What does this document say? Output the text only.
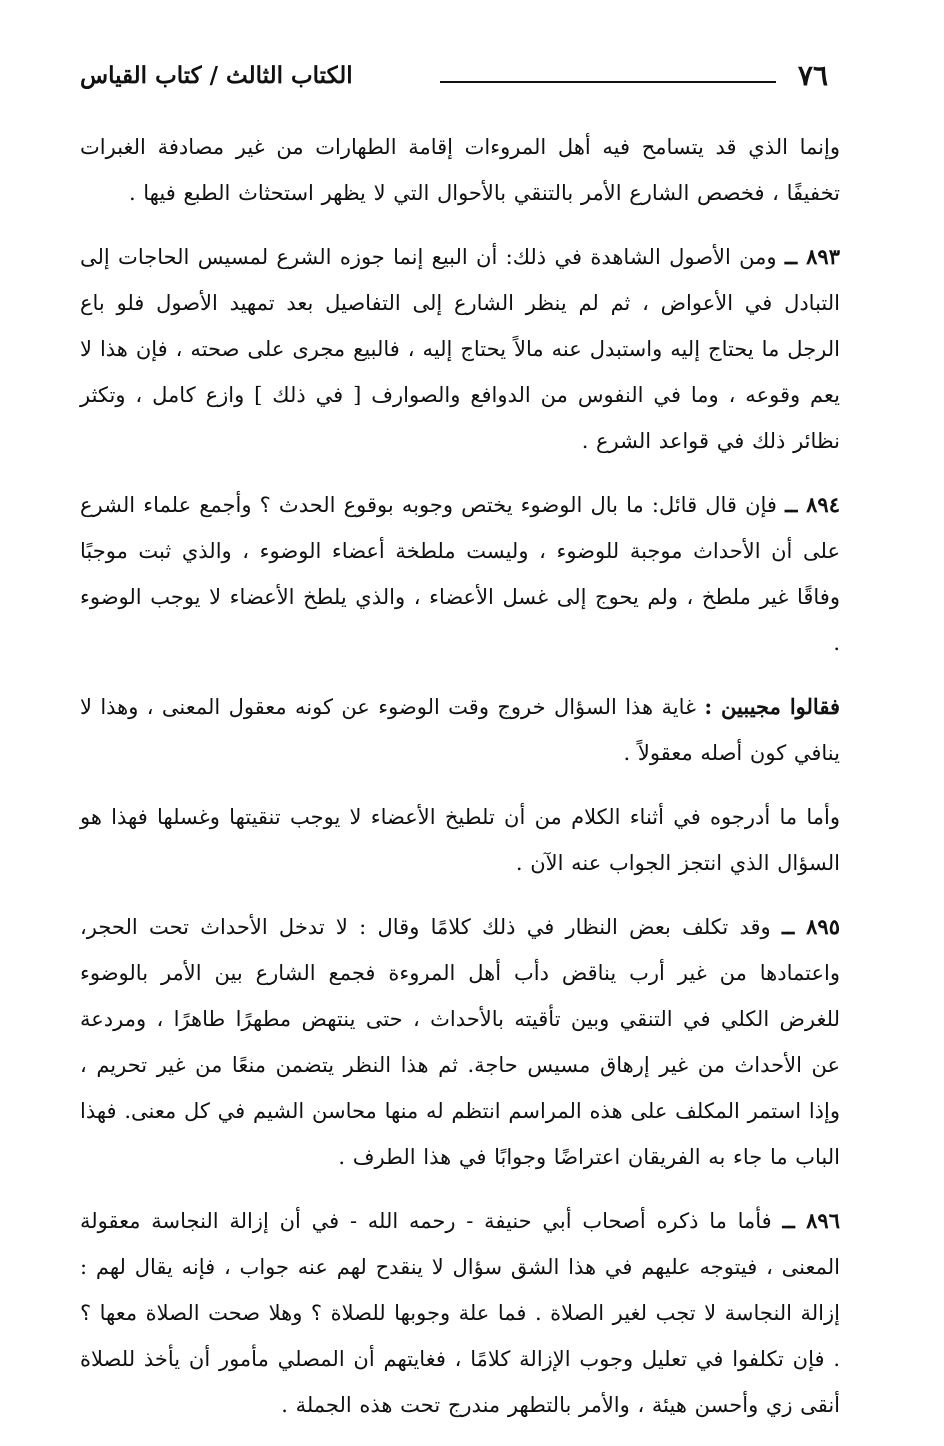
٧٦
الكتاب الثالث / كتاب القياس

وإنما الذي قد يتسامح فيه أهل المروءات إقامة الطهارات من غير مصادفة الغبرات تخفيفًا ، فخصص الشارع الأمر بالتنقي بالأحوال التي لا يظهر استحثاث الطبع فيها .

٨٩٣ ــ ومن الأصول الشاهدة في ذلك: أن البيع إنما جوزه الشرع لمسيس الحاجات إلى التبادل في الأعواض ، ثم لم ينظر الشارع إلى التفاصيل بعد تمهيد الأصول فلو باع الرجل ما يحتاج إليه واستبدل عنه مالاً يحتاج إليه ، فالبيع مجرى على صحته ، فإن هذا لا يعم وقوعه ، وما في النفوس من الدوافع والصوارف [ في ذلك ] وازع كامل ، وتكثر نظائر ذلك في قواعد الشرع .

٨٩٤ ــ فإن قال قائل: ما بال الوضوء يختص وجوبه بوقوع الحدث ؟ وأجمع علماء الشرع على أن الأحداث موجبة للوضوء ، وليست ملطخة أعضاء الوضوء ، والذي ثبت موجبًا وفاقًا غير ملطخ ، ولم يحوج إلى غسل الأعضاء ، والذي يلطخ الأعضاء لا يوجب الوضوء .

فقالوا مجيبين : غاية هذا السؤال خروج وقت الوضوء عن كونه معقول المعنى ، وهذا لا ينافي كون أصله معقولاً .

وأما ما أدرجوه في أثناء الكلام من أن تلطيخ الأعضاء لا يوجب تنقيتها وغسلها فهذا هو السؤال الذي انتجز الجواب عنه الآن .

٨٩٥ ــ وقد تكلف بعض النظار في ذلك كلامًا وقال : لا تدخل الأحداث تحت الحجر، واعتمادها من غير أرب يناقض دأب أهل المروءة فجمع الشارع بين الأمر بالوضوء للغرض الكلي في التنقي وبين تأقيته بالأحداث ، حتى ينتهض مطهرًا طاهرًا ، ومردعة عن الأحداث من غير إرهاق مسيس حاجة. ثم هذا النظر يتضمن منعًا من غير تحريم ، وإذا استمر المكلف على هذه المراسم انتظم له منها محاسن الشيم في كل معنى. فهذا الباب ما جاء به الفريقان اعتراضًا وجوابًا في هذا الطرف .

٨٩٦ ــ فأما ما ذكره أصحاب أبي حنيفة - رحمه الله - في أن إزالة النجاسة معقولة المعنى ، فيتوجه عليهم في هذا الشق سؤال لا ينقدح لهم عنه جواب ، فإنه يقال لهم : إزالة النجاسة لا تجب لغير الصلاة . فما علة وجوبها للصلاة ؟ وهلا صحت الصلاة معها ؟ . فإن تكلفوا في تعليل وجوب الإزالة كلامًا ، فغايتهم أن المصلي مأمور أن يأخذ للصلاة أنقى زي وأحسن هيئة ، والأمر بالتطهر مندرج تحت هذه الجملة .
